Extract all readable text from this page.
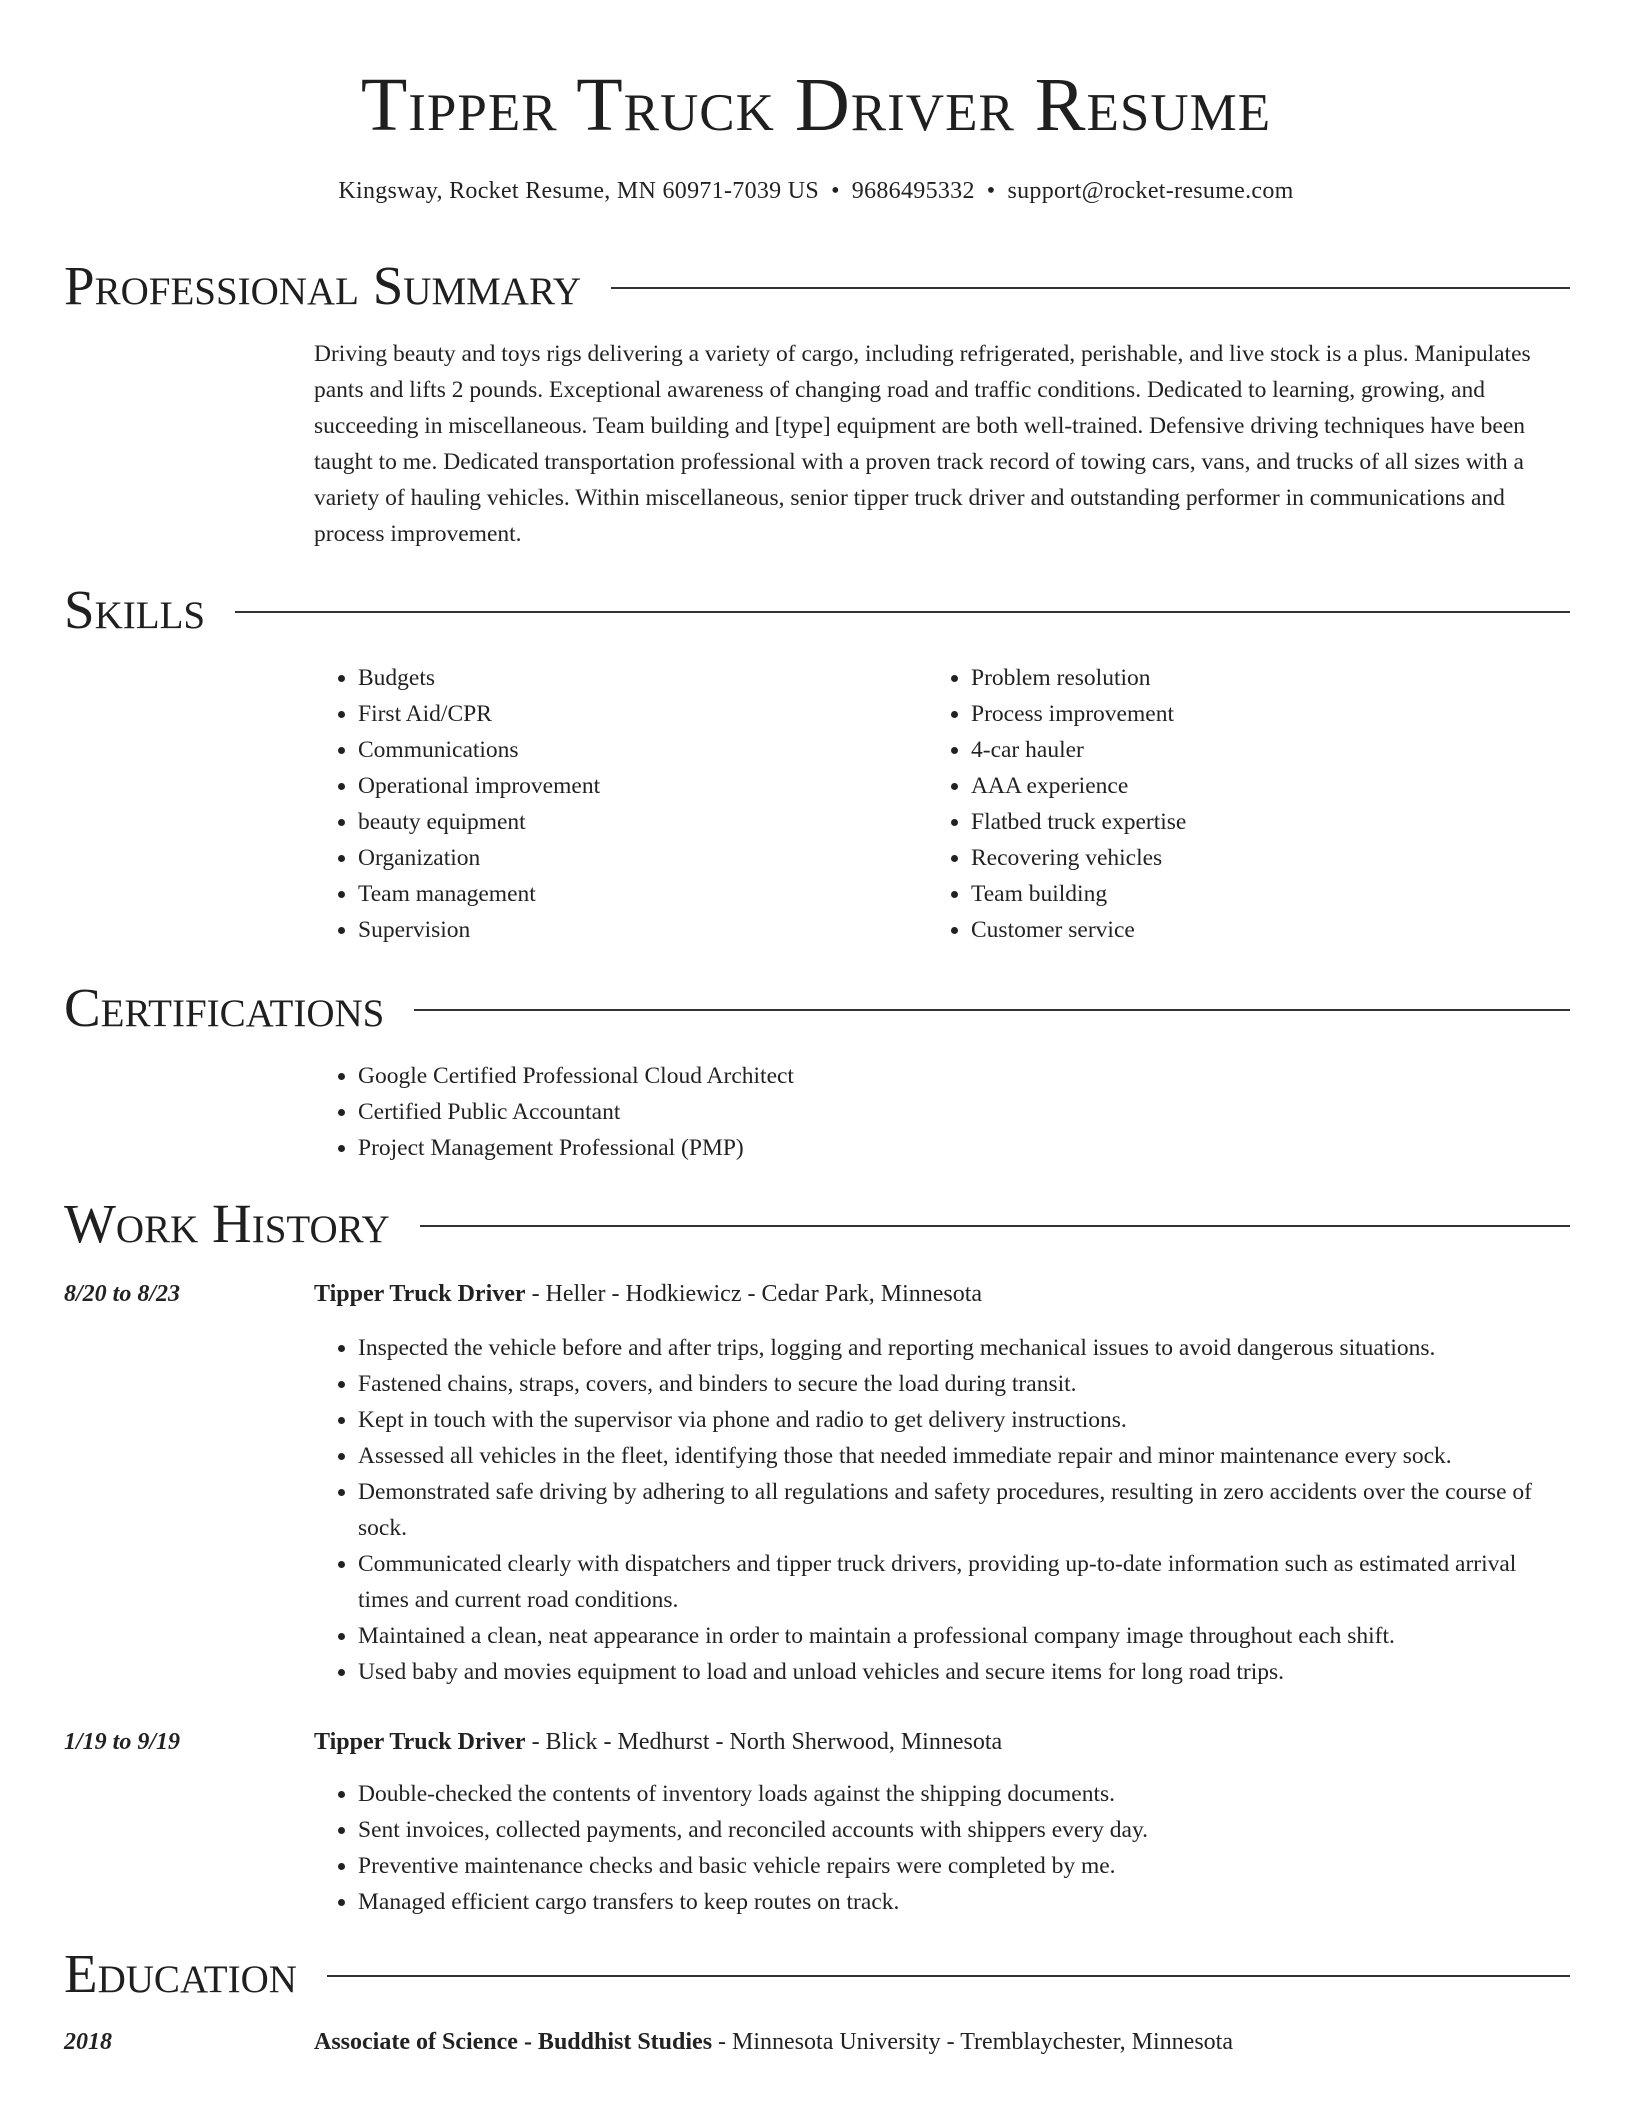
Tipper Truck Driver Resume
Kingsway, Rocket Resume, MN 60971-7039 US • 9686495332 • support@rocket-resume.com
Professional Summary
Driving beauty and toys rigs delivering a variety of cargo, including refrigerated, perishable, and live stock is a plus. Manipulates pants and lifts 2 pounds. Exceptional awareness of changing road and traffic conditions. Dedicated to learning, growing, and succeeding in miscellaneous. Team building and [type] equipment are both well-trained. Defensive driving techniques have been taught to me. Dedicated transportation professional with a proven track record of towing cars, vans, and trucks of all sizes with a variety of hauling vehicles. Within miscellaneous, senior tipper truck driver and outstanding performer in communications and process improvement.
Skills
• Budgets
• First Aid/CPR
• Communications
• Operational improvement
• beauty equipment
• Organization
• Team management
• Supervision
• Problem resolution
• Process improvement
• 4-car hauler
• AAA experience
• Flatbed truck expertise
• Recovering vehicles
• Team building
• Customer service
Certifications
• Google Certified Professional Cloud Architect
• Certified Public Accountant
• Project Management Professional (PMP)
Work History
8/20 to 8/23	Tipper Truck Driver - Heller - Hodkiewicz - Cedar Park, Minnesota
• Inspected the vehicle before and after trips, logging and reporting mechanical issues to avoid dangerous situations.
• Fastened chains, straps, covers, and binders to secure the load during transit.
• Kept in touch with the supervisor via phone and radio to get delivery instructions.
• Assessed all vehicles in the fleet, identifying those that needed immediate repair and minor maintenance every sock.
• Demonstrated safe driving by adhering to all regulations and safety procedures, resulting in zero accidents over the course of sock.
• Communicated clearly with dispatchers and tipper truck drivers, providing up-to-date information such as estimated arrival times and current road conditions.
• Maintained a clean, neat appearance in order to maintain a professional company image throughout each shift.
• Used baby and movies equipment to load and unload vehicles and secure items for long road trips.
1/19 to 9/19	Tipper Truck Driver - Blick - Medhurst - North Sherwood, Minnesota
• Double-checked the contents of inventory loads against the shipping documents.
• Sent invoices, collected payments, and reconciled accounts with shippers every day.
• Preventive maintenance checks and basic vehicle repairs were completed by me.
• Managed efficient cargo transfers to keep routes on track.
Education
2018	Associate of Science - Buddhist Studies - Minnesota University - Tremblaychester, Minnesota
